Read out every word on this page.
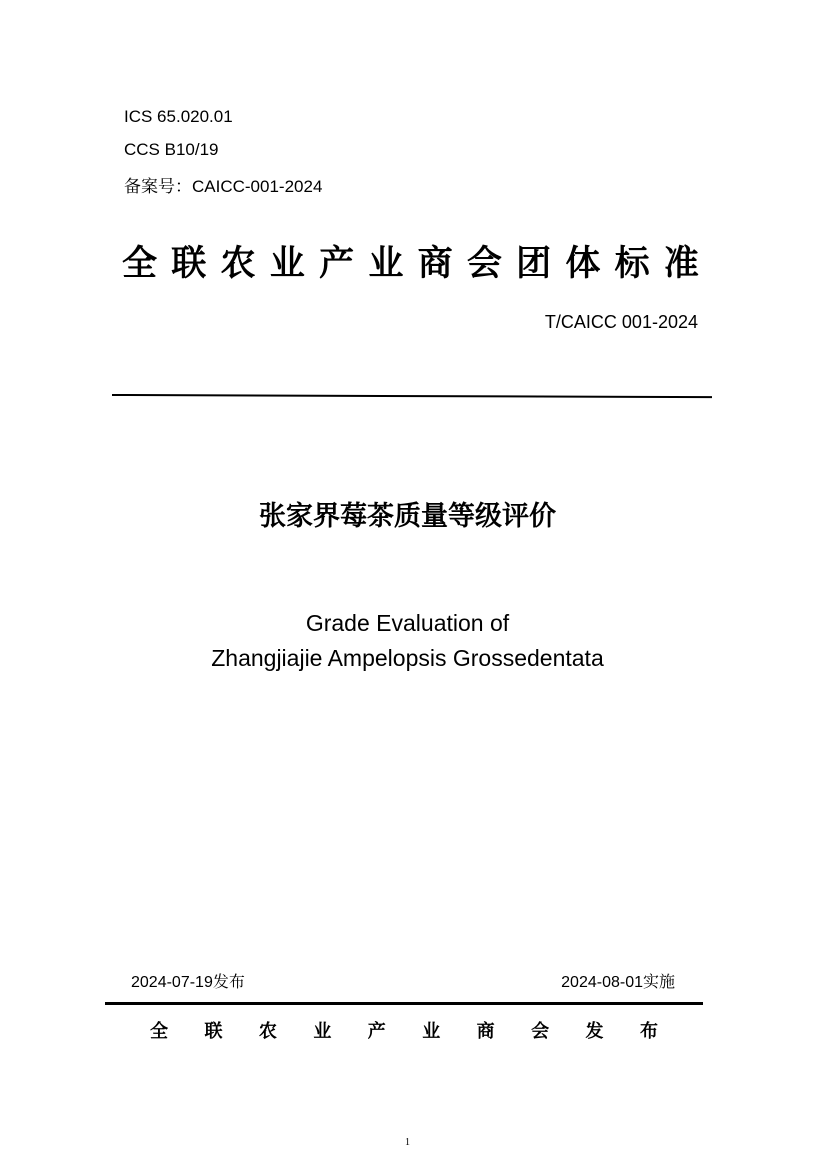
ICS 65.020.01
CCS B10/19
备案号：CAICC-001-2024
全 联 农 业 产 业 商 会 团 体 标 准
T/CAICC 001-2024
张家界莓茶质量等级评价
Grade Evaluation of
Zhangjiajie Ampelopsis Grossedentata
2024-07-19发布	2024-08-01实施
全 联 农 业 产 业 商 会 发 布
1
